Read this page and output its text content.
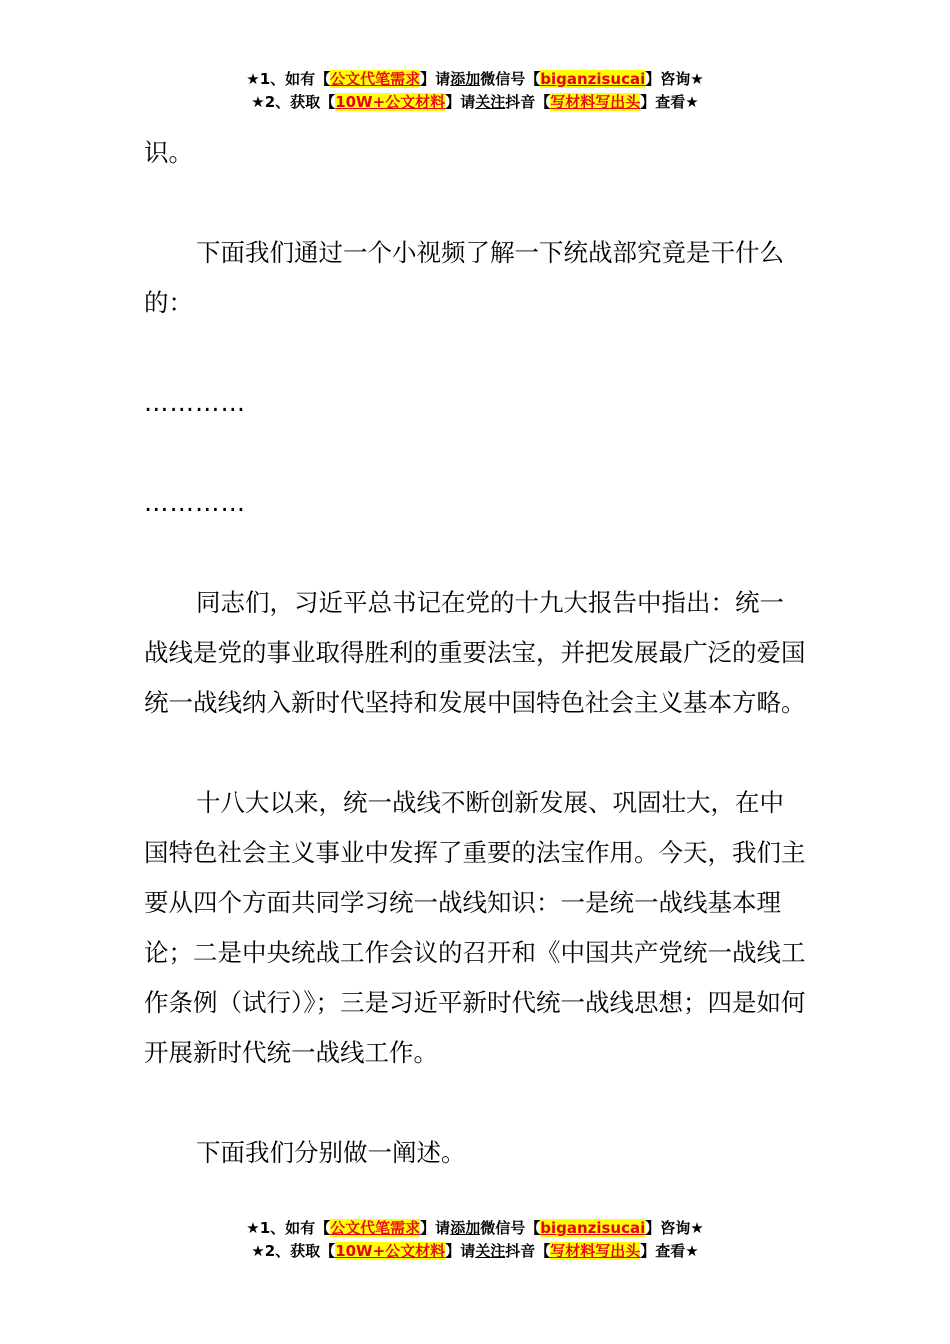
★1、如有【公文代笔需求】请添加微信号【biganzisucai】咨询★
★2、获取【10W+公文材料】请关注抖音【写材料写出头】查看★

识。

下面我们通过一个小视频了解一下统战部究竟是干什么的：

…………

…………

同志们，习近平总书记在党的十九大报告中指出：统一战线是党的事业取得胜利的重要法宝，并把发展最广泛的爱国统一战线纳入新时代坚持和发展中国特色社会主义基本方略。

十八大以来，统一战线不断创新发展、巩固壮大，在中国特色社会主义事业中发挥了重要的法宝作用。今天，我们主要从四个方面共同学习统一战线知识：一是统一战线基本理论；二是中央统战工作会议的召开和《中国共产党统一战线工作条例（试行）》；三是习近平新时代统一战线思想；四是如何开展新时代统一战线工作。

下面我们分别做一阐述。

★1、如有【公文代笔需求】请添加微信号【biganzisucai】咨询★
★2、获取【10W+公文材料】请关注抖音【写材料写出头】查看★
